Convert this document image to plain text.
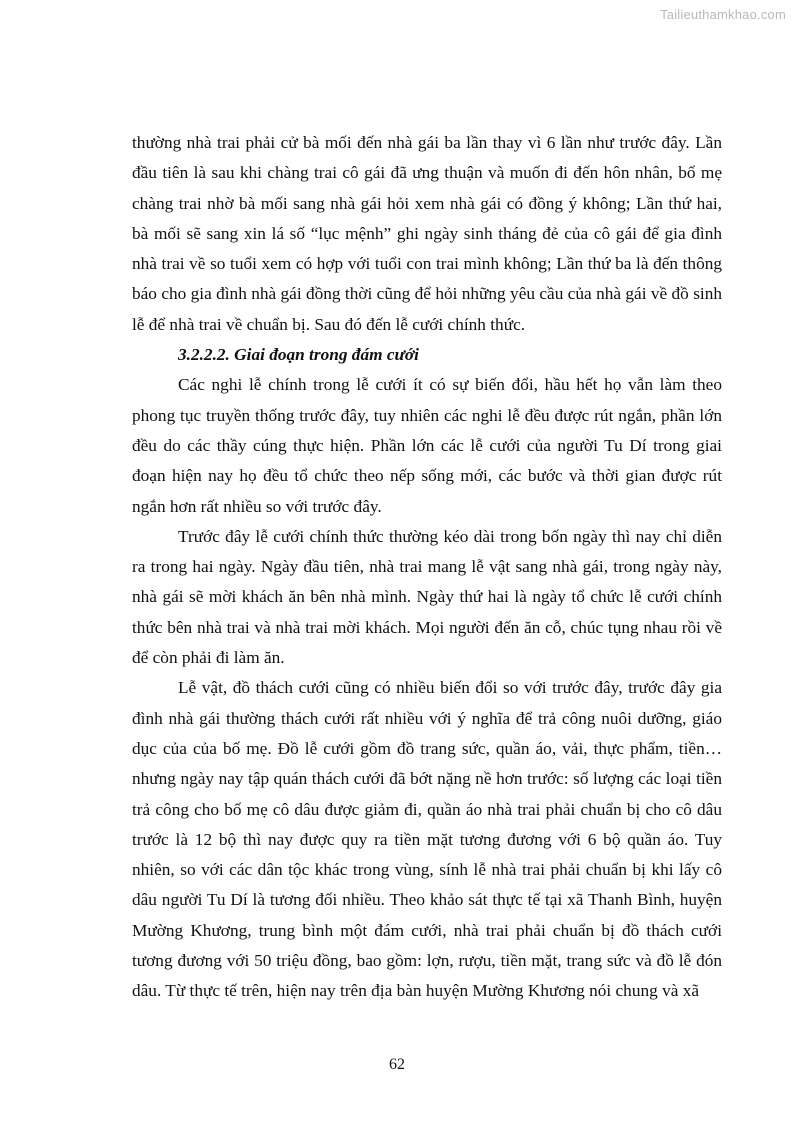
Tailieuthamkhao.com

thường nhà trai phải cử bà mối đến nhà gái ba lần thay vì 6 lần như trước đây. Lần đầu tiên là sau khi chàng trai cô gái đã ưng thuận và muốn đi đến hôn nhân, bố mẹ chàng trai nhờ bà mối sang nhà gái hỏi xem nhà gái có đồng ý không; Lần thứ hai, bà mối sẽ sang xin lá số “lục mệnh” ghi ngày sinh tháng đẻ của cô gái để gia đình nhà trai về so tuổi xem có hợp với tuổi con trai mình không; Lần thứ ba là đến thông báo cho gia đình nhà gái đồng thời cũng để hỏi những yêu cầu của nhà gái về đồ sinh lễ để nhà trai về chuẩn bị. Sau đó đến lễ cưới chính thức.

3.2.2.2. Giai đoạn trong đám cưới

Các nghi lễ chính trong lễ cưới ít có sự biến đổi, hầu hết họ vẫn làm theo phong tục truyền thống trước đây, tuy nhiên các nghi lễ đều được rút ngắn, phần lớn đều do các thầy cúng thực hiện. Phần lớn các lễ cưới của người Tu Dí trong giai đoạn hiện nay họ đều tổ chức theo nếp sống mới, các bước và thời gian được rút ngắn hơn rất nhiều so với trước đây.

Trước đây lễ cưới chính thức thường kéo dài trong bốn ngày thì nay chỉ diễn ra trong hai ngày. Ngày đầu tiên, nhà trai mang lễ vật sang nhà gái, trong ngày này, nhà gái sẽ mời khách ăn bên nhà mình. Ngày thứ hai là ngày tổ chức lễ cưới chính thức bên nhà trai và nhà trai mời khách. Mọi người đến ăn cỗ, chúc tụng nhau rồi về để còn phải đi làm ăn.

Lễ vật, đồ thách cưới cũng có nhiều biến đổi so với trước đây, trước đây gia đình nhà gái thường thách cưới rất nhiều với ý nghĩa để trả công nuôi dưỡng, giáo dục của của bố mẹ. Đồ lễ cưới gồm đồ trang sức, quần áo, vải, thực phẩm, tiền… nhưng ngày nay tập quán thách cưới đã bớt nặng nề hơn trước: số lượng các loại tiền trả công cho bố mẹ cô dâu được giảm đi, quần áo nhà trai phải chuẩn bị cho cô dâu trước là 12 bộ thì nay được quy ra tiền mặt tương đương với 6 bộ quần áo. Tuy nhiên, so với các dân tộc khác trong vùng, sính lễ nhà trai phải chuẩn bị khi lấy cô dâu người Tu Dí là tương đối nhiều. Theo khảo sát thực tế tại xã Thanh Bình, huyện Mường Khương, trung bình một đám cưới, nhà trai phải chuẩn bị đồ thách cưới tương đương với 50 triệu đồng, bao gồm: lợn, rượu, tiền mặt, trang sức và đồ lễ đón dâu. Từ thực tế trên, hiện nay trên địa bàn huyện Mường Khương nói chung và xã

62
